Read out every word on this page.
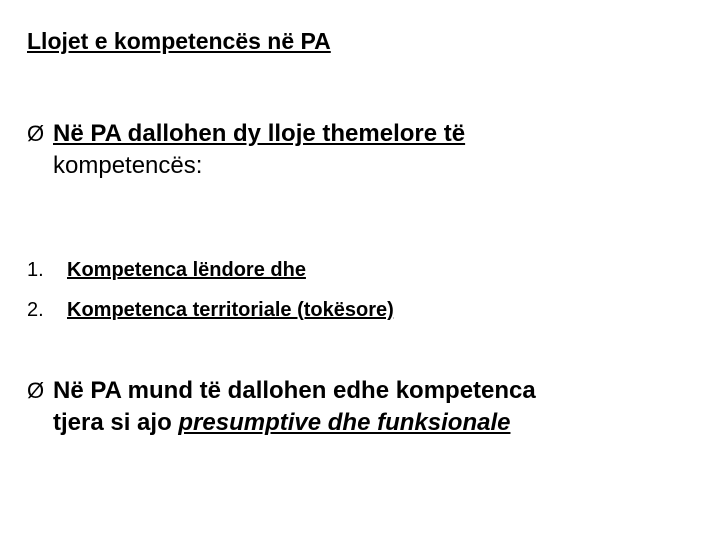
Llojet e kompetencës në PA
Ø Në PA dallohen dy lloje themelore të
kompetencës:
1. Kompetenca lëndore dhe
2. Kompetenca territoriale (tokësore)
Ø Në PA mund të dallohen edhe kompetenca
tjera si ajo presumptive dhe funksionale
